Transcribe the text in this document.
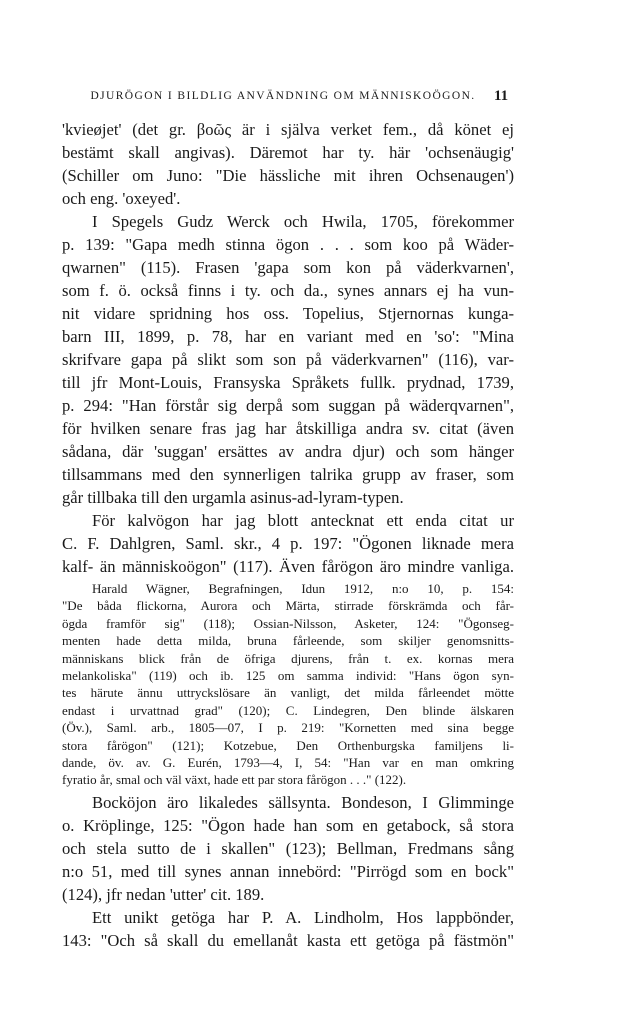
DJURÖGON I BILDLIG ANVÄNDNING OM MÄNNISKOÖGON.	11
'kvieøjet' (det gr. βοῶς är i själva verket fem., då könet ej
bestämt skall angivas). Däremot har ty. här 'ochsenäugig'
(Schiller om Juno: "Die hässliche mit ihren Ochsenaugen')
och eng. 'oxeyed'.
I Spegels Gudz Werck och Hwila, 1705, förekommer
p. 139: "Gapa medh stinna ögon . . . som koo på Wäder-
qwarnen" (115). Frasen 'gapa som kon på väderkvarnen',
som f. ö. också finns i ty. och da., synes annars ej ha vun-
nit vidare spridning hos oss. Topelius, Stjernornas kunga-
barn III, 1899, p. 78, har en variant med en 'so': "Mina
skrifvare gapa på slikt som son på väderkvarnen" (116), var-
till jfr Mont-Louis, Fransyska Språkets fullk. prydnad, 1739,
p. 294: "Han förstår sig derpå som suggan på wäderqvarnen",
för hvilken senare fras jag har åtskilliga andra sv. citat (även
sådana, där 'suggan' ersättes av andra djur) och som hänger
tillsammans med den synnerligen talrika grupp av fraser, som
går tillbaka till den urgamla asinus-ad-lyram-typen.
För kalvögon har jag blott antecknat ett enda citat ur
C. F. Dahlgren, Saml. skr., 4 p. 197: "Ögonen liknade mera
kalf- än människoögon" (117). Även fårögon äro mindre vanliga.
Harald Wägner, Begrafningen, Idun 1912, n:o 10, p. 154:
"De båda flickorna, Aurora och Märta, stirrade förskrämda och får-
ögda framför sig" (118); Ossian-Nilsson, Asketer, 124: "Ögonseg-
menten hade detta milda, bruna fårleende, som skiljer genomsnitts-
människans blick från de öfriga djurens, från t. ex. kornas mera
melankoliska" (119) och ib. 125 om samma individ: "Hans ögon syn-
tes härute ännu uttryckslösare än vanligt, det milda fårleendet mötte
endast i urvattnad grad" (120); C. Lindegren, Den blinde älskaren
(Öv.), Saml. arb., 1805—07, I p. 219: "Kornetten med sina begge
stora fårögon" (121); Kotzebue, Den Orthenburgska familjens li-
dande, öv. av. G. Eurén, 1793—4, I, 54: "Han var en man omkring
fyratio år, smal och väl växt, hade ett par stora fårögon . . ." (122).
Bocköjon äro likaledes sällsynta. Bondeson, I Glimminge
o. Kröplinge, 125: "Ögon hade han som en getabock, så stora
och stela sutto de i skallen" (123); Bellman, Fredmans sång
n:o 51, med till synes annan innebörd: "Pirrögd som en bock"
(124), jfr nedan 'utter' cit. 189.
Ett unikt getöga har P. A. Lindholm, Hos lappbönder,
143: "Och så skall du emellanåt kasta ett getöga på fästmön"
